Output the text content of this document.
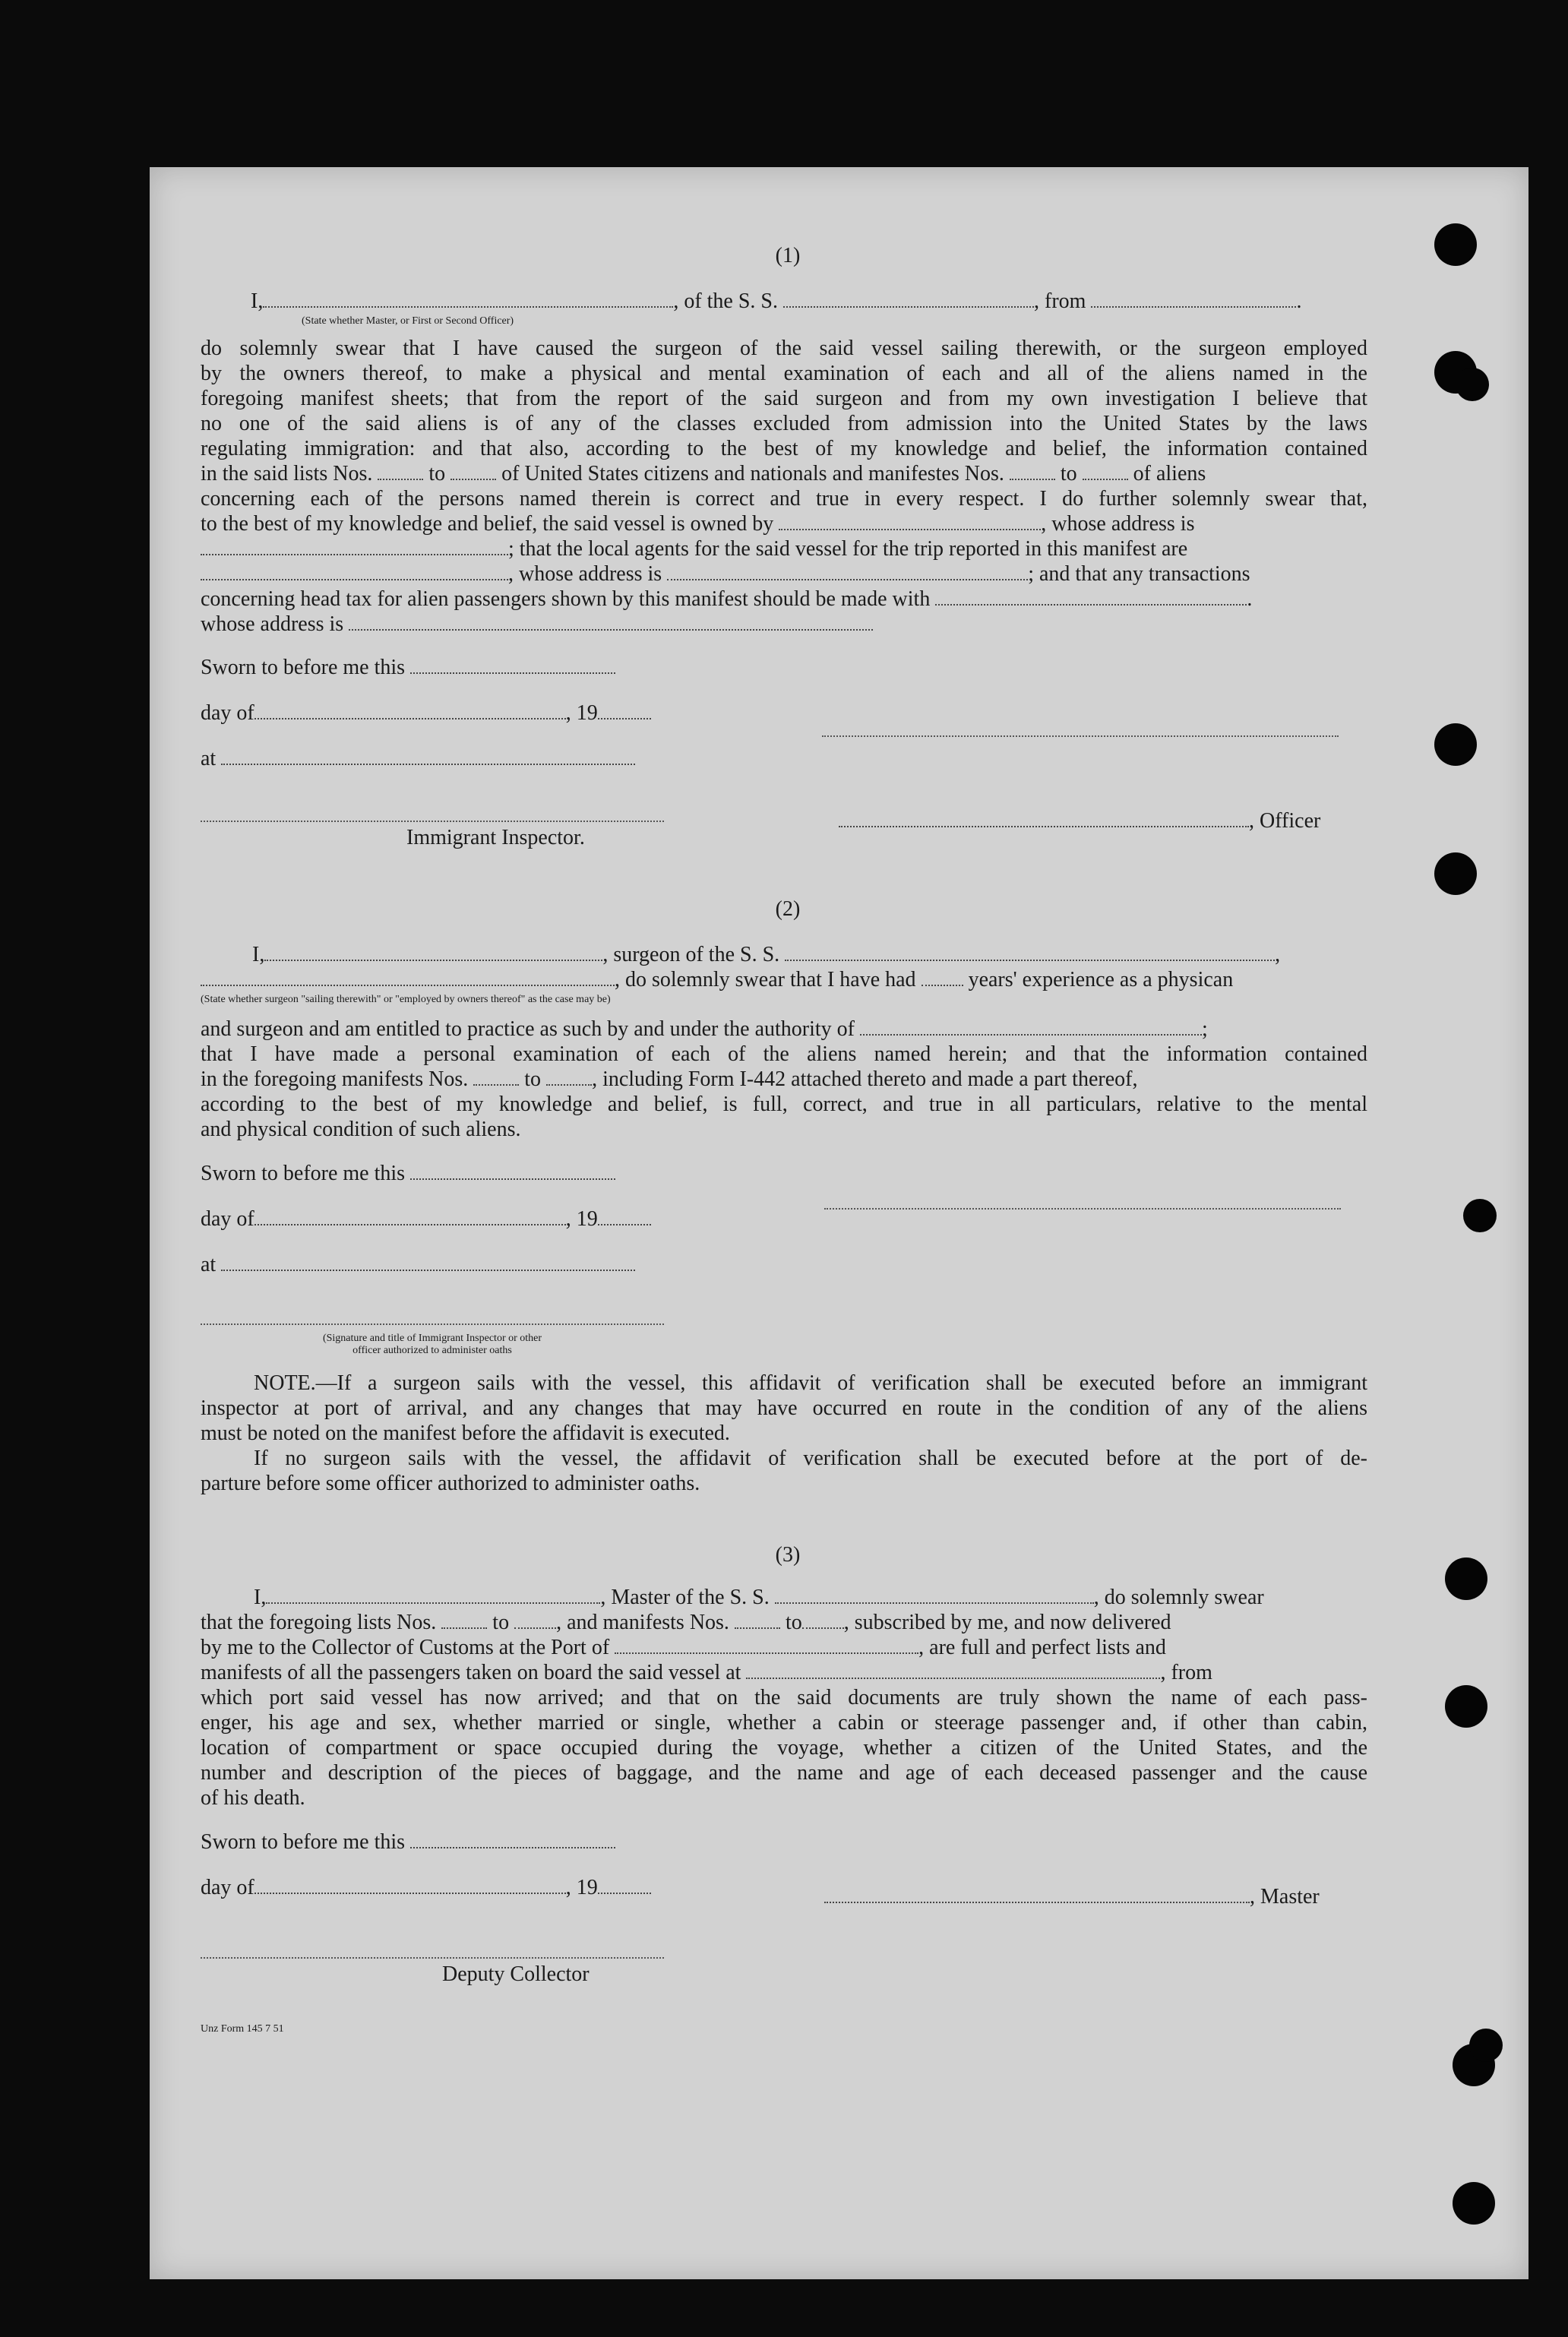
(1)
I,	, of the S. S.	, from	.
(State whether Master, or First or Second Officer)
do solemnly swear that I have caused the surgeon of the said vessel sailing therewith, or the surgeon employed
by the owners thereof, to make a physical and mental examination of each and all of the aliens named in the
foregoing manifest sheets; that from the report of the said surgeon and from my own investigation I believe that
no one of the said aliens is of any of the classes excluded from admission into the United States by the laws
regulating immigration: and that also, according to the best of my knowledge and belief, the information contained
in the said lists Nos.	to	of United States citizens and nationals and manifestes Nos.	to	of aliens
concerning each of the persons named therein is correct and true in every respect. I do further solemnly swear that,
to the best of my knowledge and belief, the said vessel is owned by	, whose address is
; that the local agents for the said vessel for the trip reported in this manifest are
, whose address is	; and that any transactions
concerning head tax for alien passengers shown by this manifest should be made with	.
whose address is
Sworn to before me this
day of	, 19
at
, Officer
Immigrant Inspector.
(2)
I,	, surgeon of the S. S.	,
, do solemnly swear that I have had years' experience as a physican
(State whether surgeon "sailing therewith" or "employed by owners thereof" as the case may be)
and surgeon and am entitled to practice as such by and under the authority of	;
that I have made a personal examination of each of the aliens named herein; and that the information contained
in the foregoing manifests Nos.	to , including Form I-442 attached thereto and made a part thereof,
according to the best of my knowledge and belief, is full, correct, and true in all particulars, relative to the mental
and physical condition of such aliens.
Sworn to before me this
day of	, 19
at
(Signature and title of Immigrant Inspector or other
officer authorized to administer oaths
NOTE.—If a surgeon sails with the vessel, this affidavit of verification shall be executed before an immigrant
inspector at port of arrival, and any changes that may have occurred en route in the condition of any of the aliens
must be noted on the manifest before the affidavit is executed.
If no surgeon sails with the vessel, the affidavit of verification shall be executed before at the port of de-
parture before some officer authorized to administer oaths.
(3)
I,	, Master of the S. S.	, do solemnly swear
that the foregoing lists Nos.	to , and manifests Nos.	to , subscribed by me, and now delivered
by me to the Collector of Customs at the Port of	, are full and perfect lists and
manifests of all the passengers taken on board the said vessel at	, from
which port said vessel has now arrived; and that on the said documents are truly shown the name of each pass-
enger, his age and sex, whether married or single, whether a cabin or steerage passenger and, if other than cabin,
location of compartment or space occupied during the voyage, whether a citizen of the United States, and the
number and description of the pieces of baggage, and the name and age of each deceased passenger and the cause
of his death.
Sworn to before me this
day of	, 19	, Master
Deputy Collector
Unz Form 145 7 51
